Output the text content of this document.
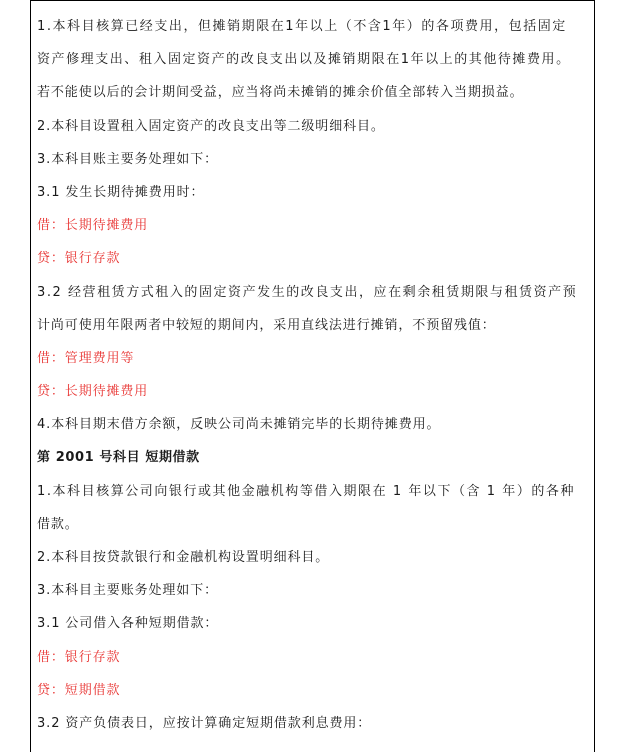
1.本科目核算已经支出，但摊销期限在1年以上（不含1年）的各项费用，包括固定
资产修理支出、租入固定资产的改良支出以及摊销期限在1年以上的其他待摊费用。
若不能使以后的会计期间受益，应当将尚未摊销的摊余价值全部转入当期损益。
2.本科目设置租入固定资产的改良支出等二级明细科目。
3.本科目账主要务处理如下：
3.1 发生长期待摊费用时：
借：长期待摊费用
贷：银行存款
3.2 经营租赁方式租入的固定资产发生的改良支出，应在剩余租赁期限与租赁资产预
计尚可使用年限两者中较短的期间内，采用直线法进行摊销，不预留残值：
借：管理费用等
贷：长期待摊费用
4.本科目期末借方余额，反映公司尚未摊销完毕的长期待摊费用。
第 2001 号科目 短期借款
1.本科目核算公司向银行或其他金融机构等借入期限在 1 年以下（含 1 年）的各种
借款。
2.本科目按贷款银行和金融机构设置明细科目。
3.本科目主要账务处理如下：
3.1 公司借入各种短期借款：
借：银行存款
贷：短期借款
3.2 资产负债表日，应按计算确定短期借款利息费用：
